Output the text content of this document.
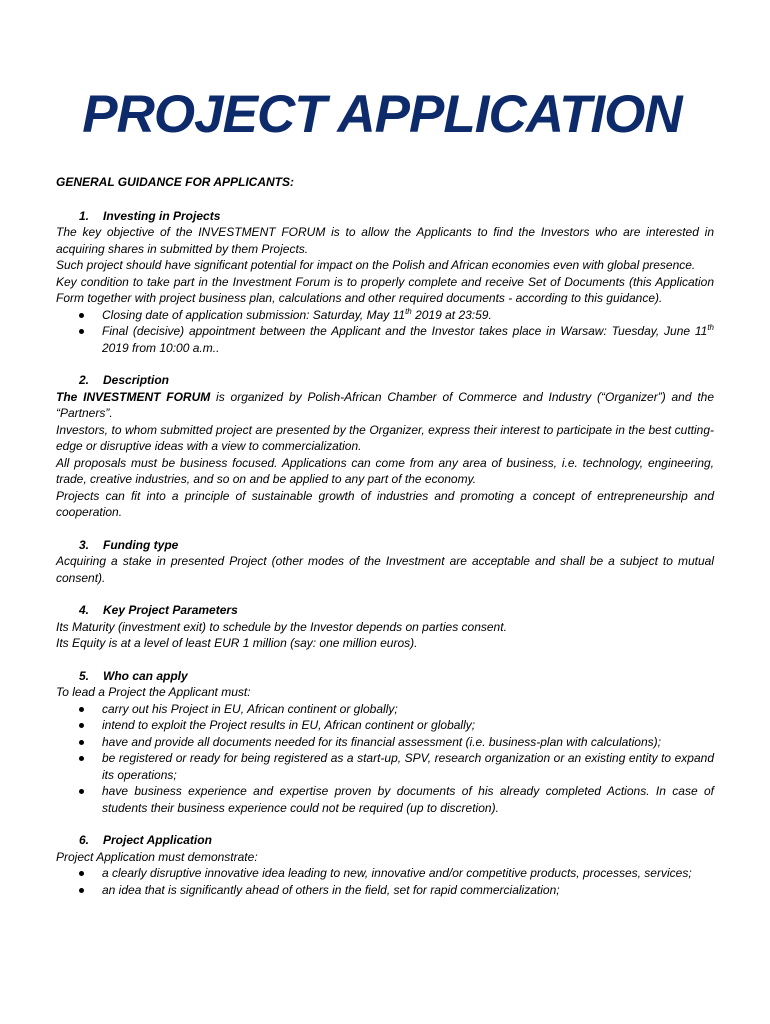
PROJECT APPLICATION
GENERAL GUIDANCE FOR APPLICANTS:
1. Investing in Projects

The key objective of the INVESTMENT FORUM is to allow the Applicants to find the Investors who are interested in acquiring shares in submitted by them Projects.

Such project should have significant potential for impact on the Polish and African economies even with global presence.

Key condition to take part in the Investment Forum is to properly complete and receive Set of Documents (this Application Form together with project business plan, calculations and other required documents - according to this guidance).

Closing date of application submission: Saturday, May 11th 2019 at 23:59.
Final (decisive) appointment between the Applicant and the Investor takes place in Warsaw: Tuesday, June 11th 2019 from 10:00 a.m..
2. Description

The INVESTMENT FORUM is organized by Polish-African Chamber of Commerce and Industry (“Organizer”) and the “Partners”.

Investors, to whom submitted project are presented by the Organizer, express their interest to participate in the best cutting-edge or disruptive ideas with a view to commercialization.

All proposals must be business focused. Applications can come from any area of business, i.e. technology, engineering, trade, creative industries, and so on and be applied to any part of the economy.

Projects can fit into a principle of sustainable growth of industries and promoting a concept of entrepreneurship and cooperation.

3. Funding type

Acquiring a stake in presented Project (other modes of the Investment are acceptable and shall be a subject to mutual consent).

4. Key Project Parameters

Its Maturity (investment exit) to schedule by the Investor depends on parties consent.

Its Equity is at a level of least EUR 1 million (say: one million euros).

5. Who can apply

To lead a Project the Applicant must:

carry out his Project in EU, African continent or globally;
intend to exploit the Project results in EU, African continent or globally;
have and provide all documents needed for its financial assessment (i.e. business-plan with calculations);
be registered or ready for being registered as a start-up, SPV, research organization or an existing entity to expand its operations;
have business experience and expertise proven by documents of his already completed Actions. In case of students their business experience could not be required (up to discretion).
6. Project Application

Project Application must demonstrate:

a clearly disruptive innovative idea leading to new, innovative and/or competitive products, processes, services;
an idea that is significantly ahead of others in the field, set for rapid commercialization;
